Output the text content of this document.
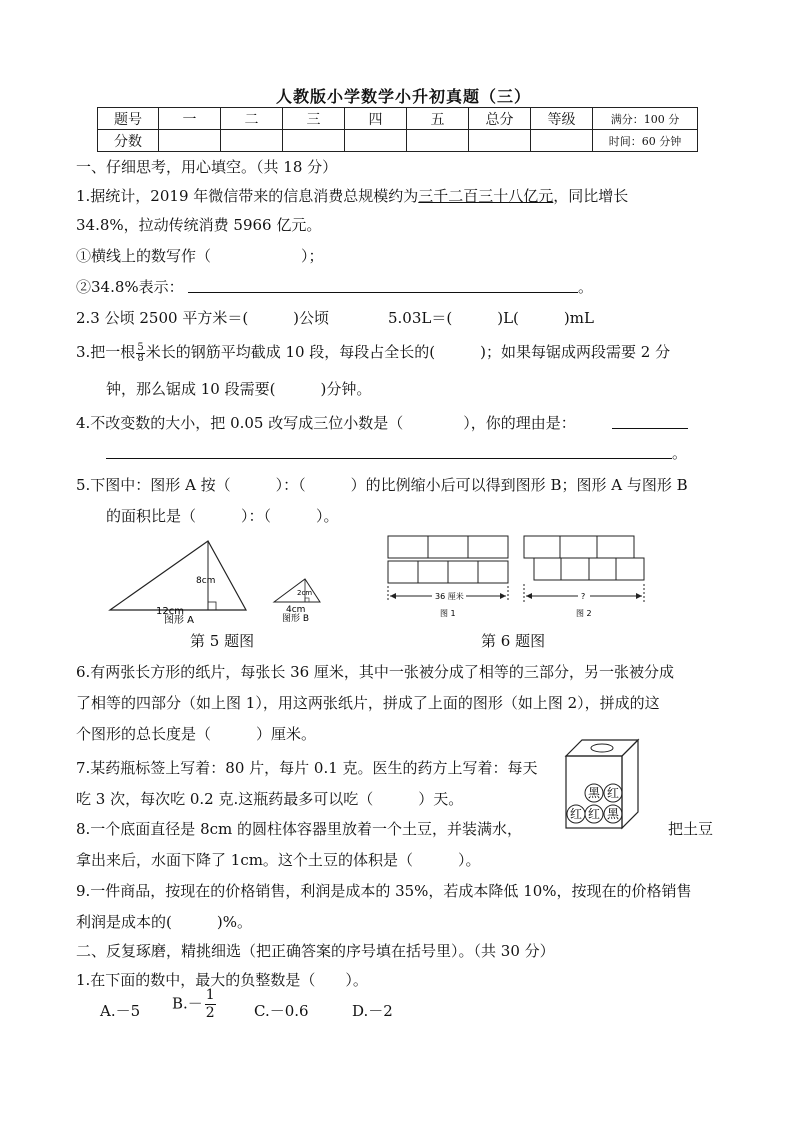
人教版小学数学小升初真题（三）
题号	一	二	三	四	五	总分	等级	满分：100 分
分数								时间：60 分钟
一、仔细思考，用心填空。（共 18 分）
1.据统计，2019 年微信带来的信息消费总规模约为三千二百三十八亿元，同比增长
34.8%，拉动传统消费 5966 亿元。
①横线上的数写作（　　　　　　）；
②34.8%表示：	。
2.3 公顷 2500 平方米＝(　　　)公顷	5.03L＝(　　　)L(　　　)mL
3.把一根 $\frac{5}{8}$ 米长的钢筋平均截成 10 段，每段占全长的(　　　)；如果每锯成两段需要 2 分
钟，那么锯成 10 段需要(　　　)分钟。
4.不改变数的大小，把 0.05 改写成三位小数是（　　　　），你的理由是：
。
5.下图中：图形 A 按（　　　）：（　　　）的比例缩小后可以得到图形 B；图形 A 与图形 B
的面积比是（　　　）：（　　　）。
8cm
12cm
图形 A
2cm
4cm
图形 B
第 5 题图
36 厘米
图 1
?
图 2
第 6 题图
6.有两张长方形的纸片，每张长 36 厘米，其中一张被分成了相等的三部分，另一张被分成
了相等的四部分（如上图 1），用这两张纸片，拼成了上面的图形（如上图 2），拼成的这
个图形的总长度是（　　　）厘米。
7.某药瓶标签上写着：80 片，每片 0.1 克。医生的药方上写着：每天
吃 3 次，每次吃 0.2 克.这瓶药最多可以吃（　　　）天。	黑 红
红 红 黑
8.一个底面直径是 8cm 的圆柱体容器里放着一个土豆，并装满水，	把土豆
拿出来后，水面下降了 1cm。这个土豆的体积是（　　　）。
9.一件商品，按现在的价格销售，利润是成本的 35%，若成本降低 10%，按现在的价格销售
利润是成本的(　　　)%。
二、反复琢磨，精挑细选（把正确答案的序号填在括号里）。（共 30 分）
1.在下面的数中，最大的负整数是（　　）。
A.－5 $B.- \frac{1}{2}$	C.－0.6	D.－2
